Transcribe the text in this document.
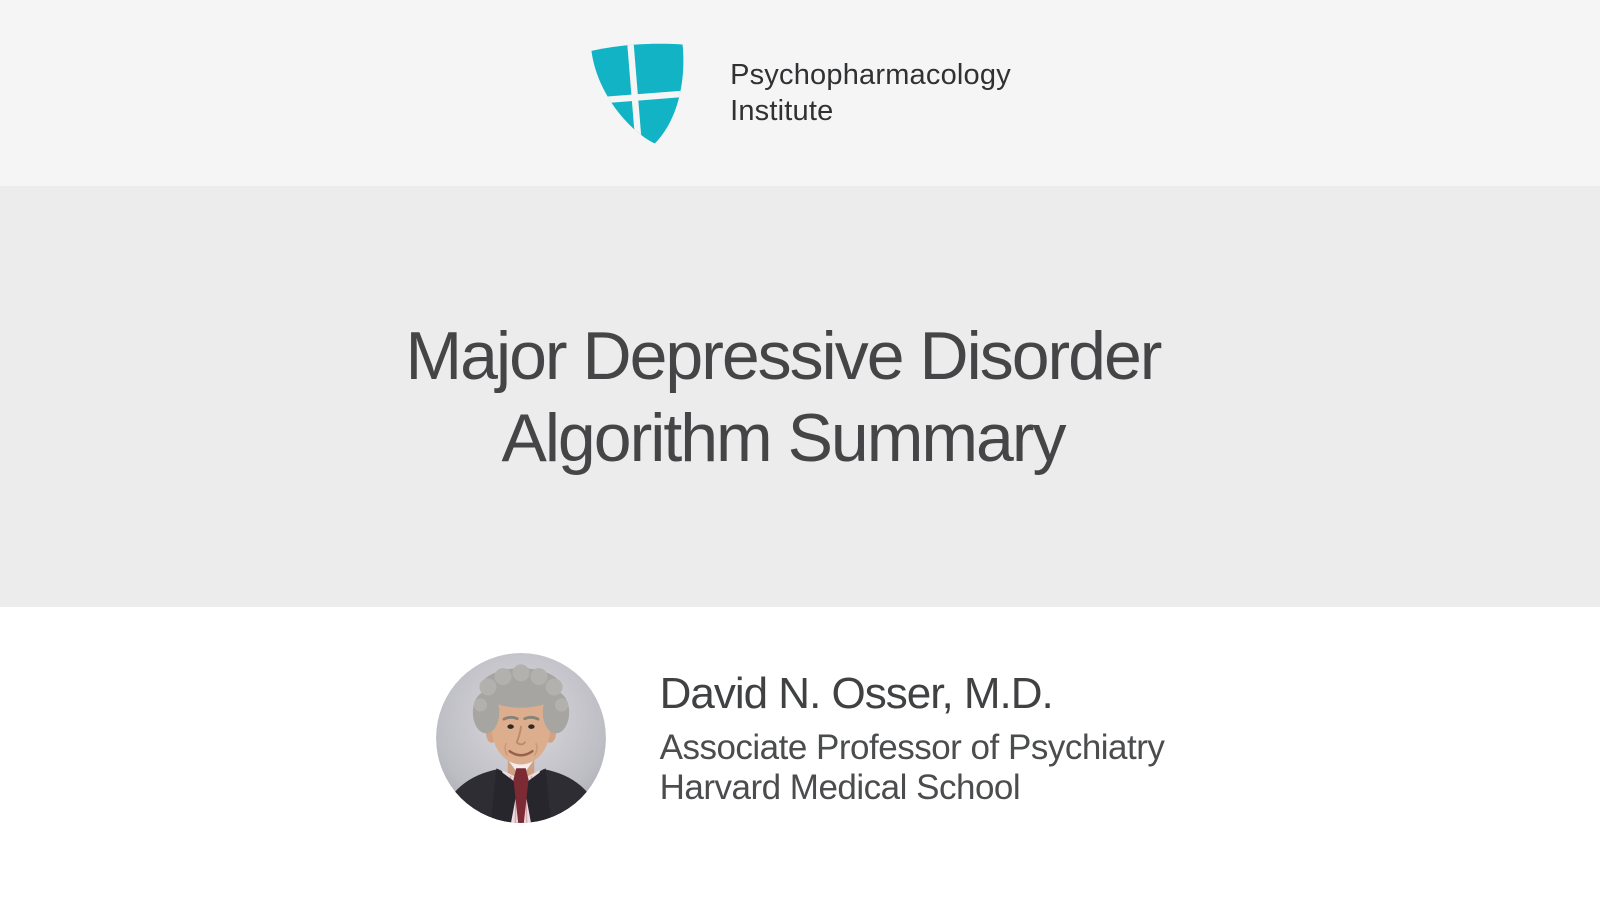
Psychopharmacology
Institute
Major Depressive Disorder
Algorithm Summary
David N. Osser, M.D.
Associate Professor of Psychiatry
Harvard Medical School
